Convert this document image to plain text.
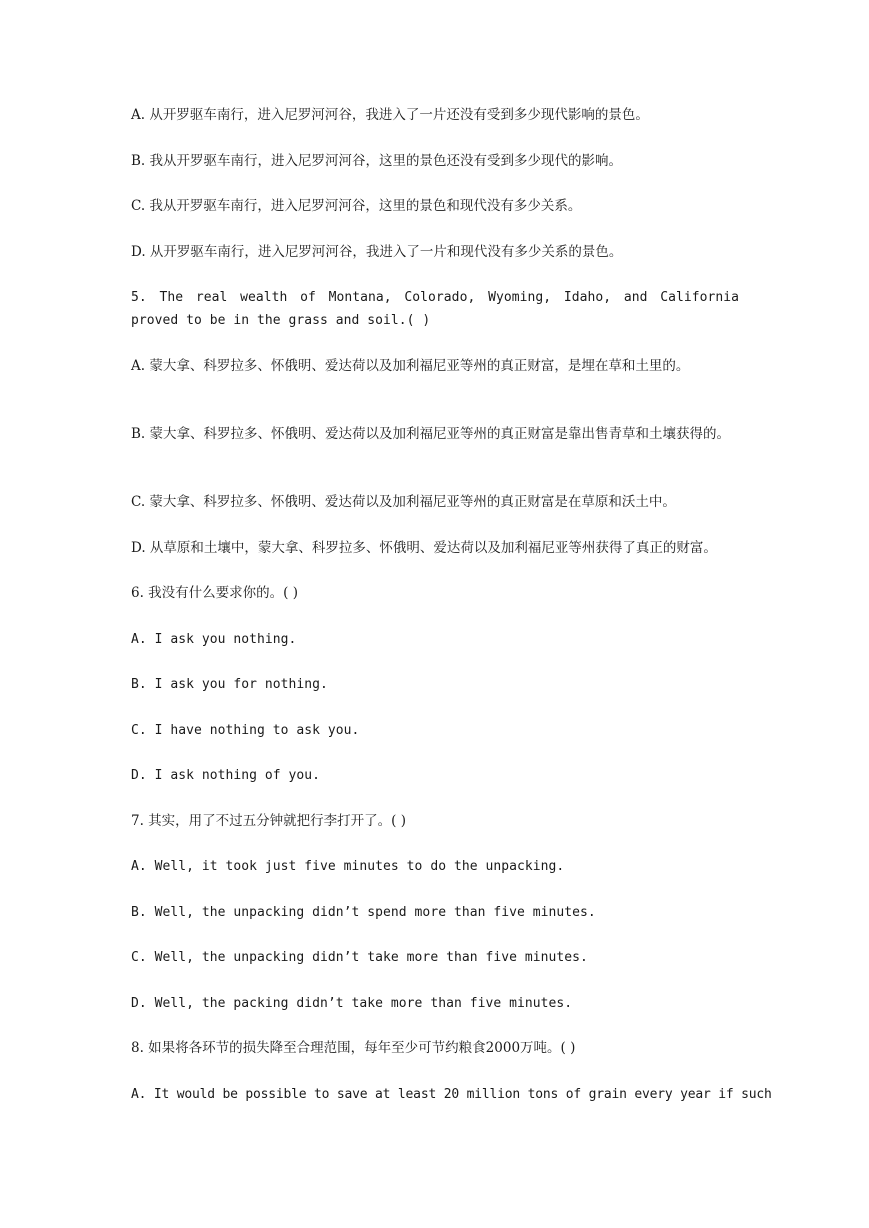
A. 从开罗驱车南行，进入尼罗河河谷，我进入了一片还没有受到多少现代影响的景色。

B. 我从开罗驱车南行，进入尼罗河河谷，这里的景色还没有受到多少现代的影响。

C. 我从开罗驱车南行，进入尼罗河河谷，这里的景色和现代没有多少关系。

D. 从开罗驱车南行，进入尼罗河河谷，我进入了一片和现代没有多少关系的景色。

5. The real wealth of Montana, Colorado, Wyoming, Idaho, and California proved to be in the grass and soil.( )

A. 蒙大拿、科罗拉多、怀俄明、爱达荷以及加利福尼亚等州的真正财富，是埋在草和土里的。

B. 蒙大拿、科罗拉多、怀俄明、爱达荷以及加利福尼亚等州的真正财富是靠出售青草和土壤获得的。

C. 蒙大拿、科罗拉多、怀俄明、爱达荷以及加利福尼亚等州的真正财富是在草原和沃土中。

D. 从草原和土壤中，蒙大拿、科罗拉多、怀俄明、爱达荷以及加利福尼亚等州获得了真正的财富。

6. 我没有什么要求你的。( )

A. I ask you nothing.

B. I ask you for nothing.

C. I have nothing to ask you.

D. I ask nothing of you.

7. 其实，用了不过五分钟就把行李打开了。( )

A. Well, it took just five minutes to do the unpacking.

B. Well, the unpacking didn’t spend more than five minutes.

C. Well, the unpacking didn’t take more than five minutes.

D. Well, the packing didn’t take more than five minutes.

8. 如果将各环节的损失降至合理范围，每年至少可节约粮食2000万吨。( )

A. It would be possible to save at least 20 million tons of grain every year if such
